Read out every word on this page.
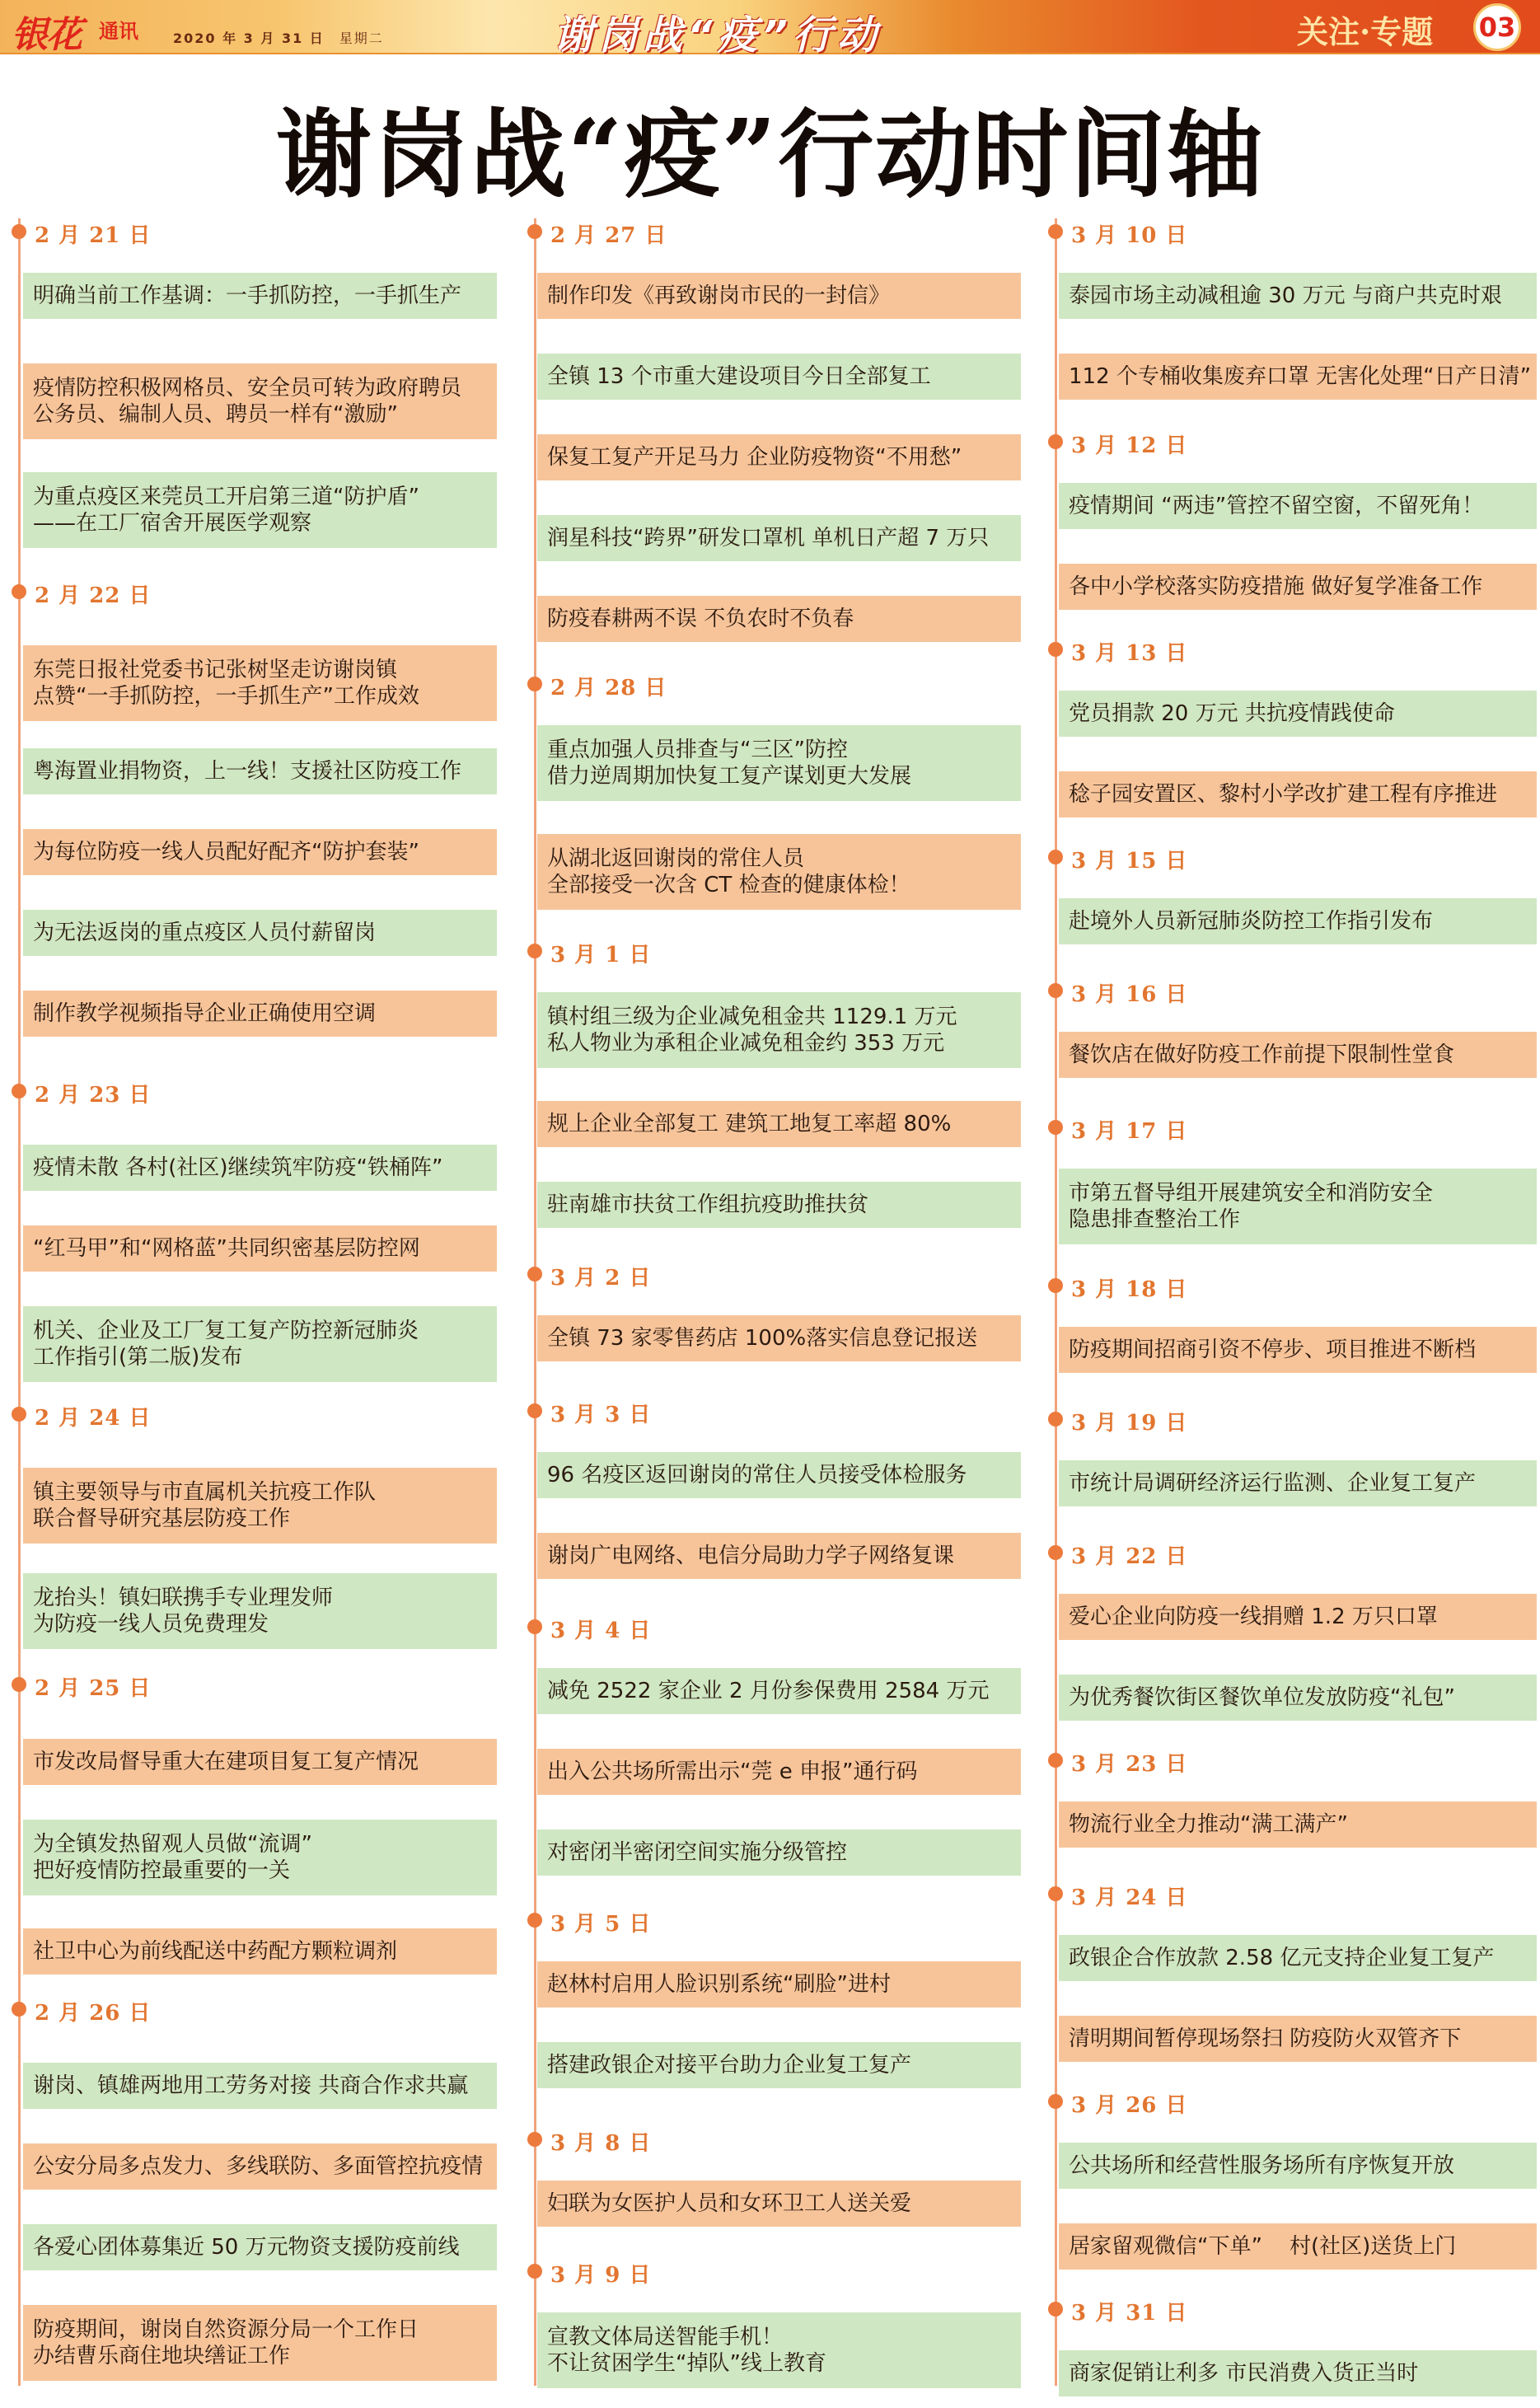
银花 通讯	2020 年 3 月 31 日 星期二	谢岗战“疫”行动	关注·专题 03
谢岗战“疫”行动时间轴
2 月 21 日
明确当前工作基调：一手抓防控，一手抓生产
疫情防控积极网格员、安全员可转为政府聘员
公务员、编制人员、聘员一样有“激励”
为重点疫区来莞员工开启第三道“防护盾”
——在工厂宿舍开展医学观察
2 月 22 日
东莞日报社党委书记张树坚走访谢岗镇
点赞“一手抓防控，一手抓生产”工作成效
粤海置业捐物资，上一线！支援社区防疫工作
为每位防疫一线人员配好配齐“防护套装”
为无法返岗的重点疫区人员付薪留岗
制作教学视频指导企业正确使用空调
2 月 23 日
疫情未散 各村(社区)继续筑牢防疫“铁桶阵”
“红马甲”和“网格蓝”共同织密基层防控网
机关、企业及工厂复工复产防控新冠肺炎
工作指引(第二版)发布
2 月 24 日
镇主要领导与市直属机关抗疫工作队
联合督导研究基层防疫工作
龙抬头！镇妇联携手专业理发师
为防疫一线人员免费理发
2 月 25 日
市发改局督导重大在建项目复工复产情况
为全镇发热留观人员做“流调”
把好疫情防控最重要的一关
社卫中心为前线配送中药配方颗粒调剂
2 月 26 日
谢岗、镇雄两地用工劳务对接 共商合作求共赢
公安分局多点发力、多线联防、多面管控抗疫情
各爱心团体募集近 50 万元物资支援防疫前线
防疫期间，谢岗自然资源分局一个工作日
办结曹乐商住地块缮证工作
2 月 27 日
制作印发《再致谢岗市民的一封信》
全镇 13 个市重大建设项目今日全部复工
保复工复产开足马力 企业防疫物资“不用愁”
润星科技“跨界”研发口罩机 单机日产超 7 万只
防疫春耕两不误 不负农时不负春
2 月 28 日
重点加强人员排查与“三区”防控
借力逆周期加快复工复产谋划更大发展
从湖北返回谢岗的常住人员
全部接受一次含 CT 检查的健康体检！
3 月 1 日
镇村组三级为企业减免租金共 1129.1 万元
私人物业为承租企业减免租金约 353 万元
规上企业全部复工 建筑工地复工率超 80%
驻南雄市扶贫工作组抗疫助推扶贫
3 月 2 日
全镇 73 家零售药店 100%落实信息登记报送
3 月 3 日
96 名疫区返回谢岗的常住人员接受体检服务
谢岗广电网络、电信分局助力学子网络复课
3 月 4 日
减免 2522 家企业 2 月份参保费用 2584 万元
出入公共场所需出示“莞 e 申报”通行码
对密闭半密闭空间实施分级管控
3 月 5 日
赵林村启用人脸识别系统“刷脸”进村
搭建政银企对接平台助力企业复工复产
3 月 8 日
妇联为女医护人员和女环卫工人送关爱
3 月 9 日
宣教文体局送智能手机！
不让贫困学生“掉队”线上教育
3 月 10 日
泰园市场主动减租逾 30 万元 与商户共克时艰
112 个专桶收集废弃口罩 无害化处理“日产日清”
3 月 12 日
疫情期间 “两违”管控不留空窗，不留死角！
各中小学校落实防疫措施 做好复学准备工作
3 月 13 日
党员捐款 20 万元 共抗疫情践使命
稔子园安置区、黎村小学改扩建工程有序推进
3 月 15 日
赴境外人员新冠肺炎防控工作指引发布
3 月 16 日
餐饮店在做好防疫工作前提下限制性堂食
3 月 17 日
市第五督导组开展建筑安全和消防安全
隐患排查整治工作
3 月 18 日
防疫期间招商引资不停步、项目推进不断档
3 月 19 日
市统计局调研经济运行监测、企业复工复产
3 月 22 日
爱心企业向防疫一线捐赠 1.2 万只口罩
为优秀餐饮街区餐饮单位发放防疫“礼包”
3 月 23 日
物流行业全力推动“满工满产”
3 月 24 日
政银企合作放款 2.58 亿元支持企业复工复产
清明期间暂停现场祭扫 防疫防火双管齐下
3 月 26 日
公共场所和经营性服务场所有序恢复开放
居家留观微信“下单”    村(社区)送货上门
3 月 31 日
商家促销让利多 市民消费入货正当时
